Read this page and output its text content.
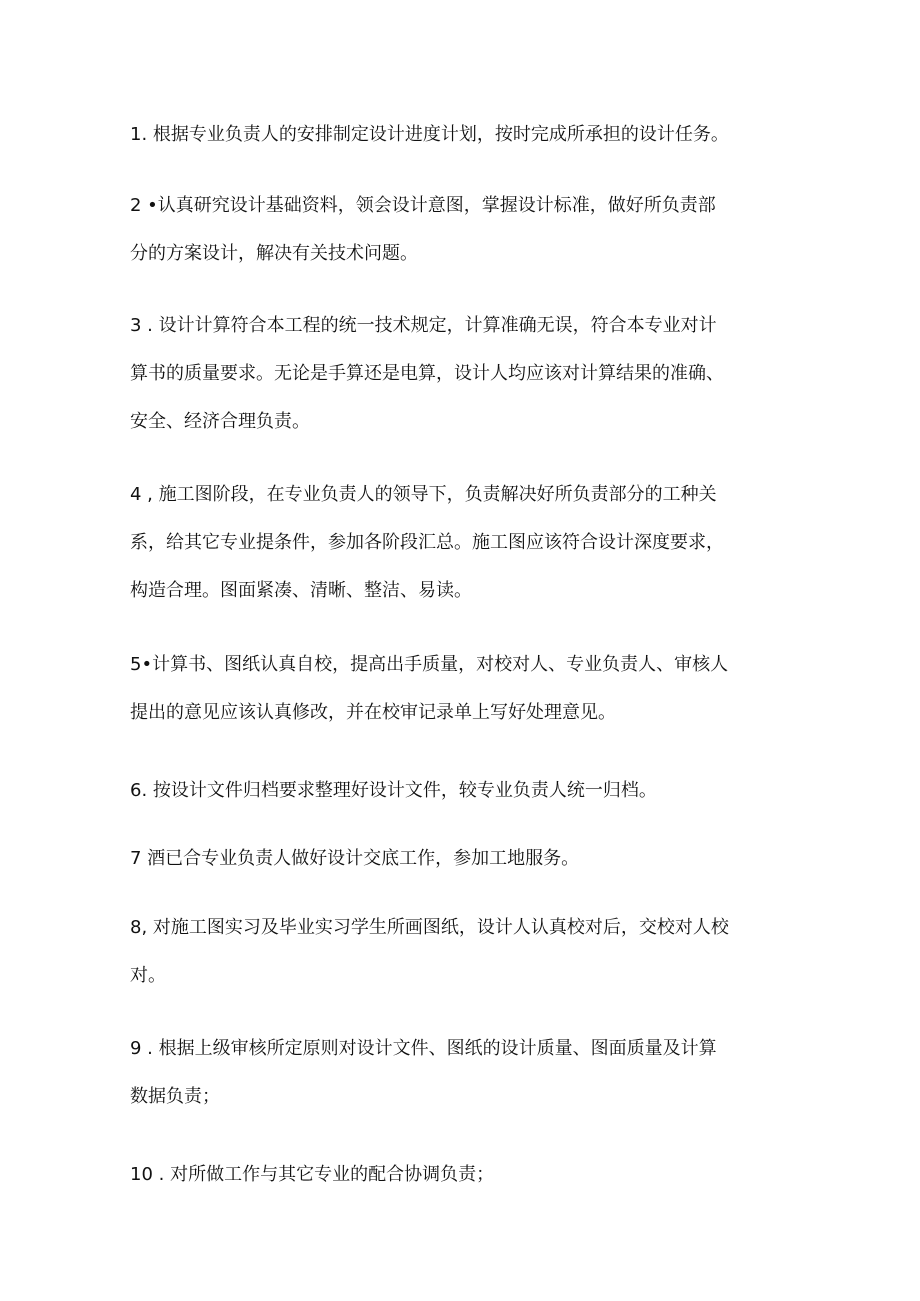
1. 根据专业负责人的安排制定设计进度计划，按时完成所承担的设计任务。

2 •认真研究设计基础资料，领会设计意图，掌握设计标准，做好所负责部
分的方案设计，解决有关技术问题。

3 . 设计计算符合本工程的统一技术规定，计算准确无误，符合本专业对计
算书的质量要求。无论是手算还是电算，设计人均应该对计算结果的准确、
安全、经济合理负责。

4 , 施工图阶段，在专业负责人的领导下，负责解决好所负责部分的工种关
系，给其它专业提条件，参加各阶段汇总。施工图应该符合设计深度要求，
构造合理。图面紧凑、清晰、整洁、易读。

5•计算书、图纸认真自校，提高出手质量，对校对人、专业负责人、审核人
提出的意见应该认真修改，并在校审记录单上写好处理意见。

6. 按设计文件归档要求整理好设计文件，较专业负责人统一归档。

7 酒已合专业负责人做好设计交底工作，参加工地服务。

8, 对施工图实习及毕业实习学生所画图纸，设计人认真校对后，交校对人校
对。

9 . 根据上级审核所定原则对设计文件、图纸的设计质量、图面质量及计算
数据负责；

10 . 对所做工作与其它专业的配合协调负责；
